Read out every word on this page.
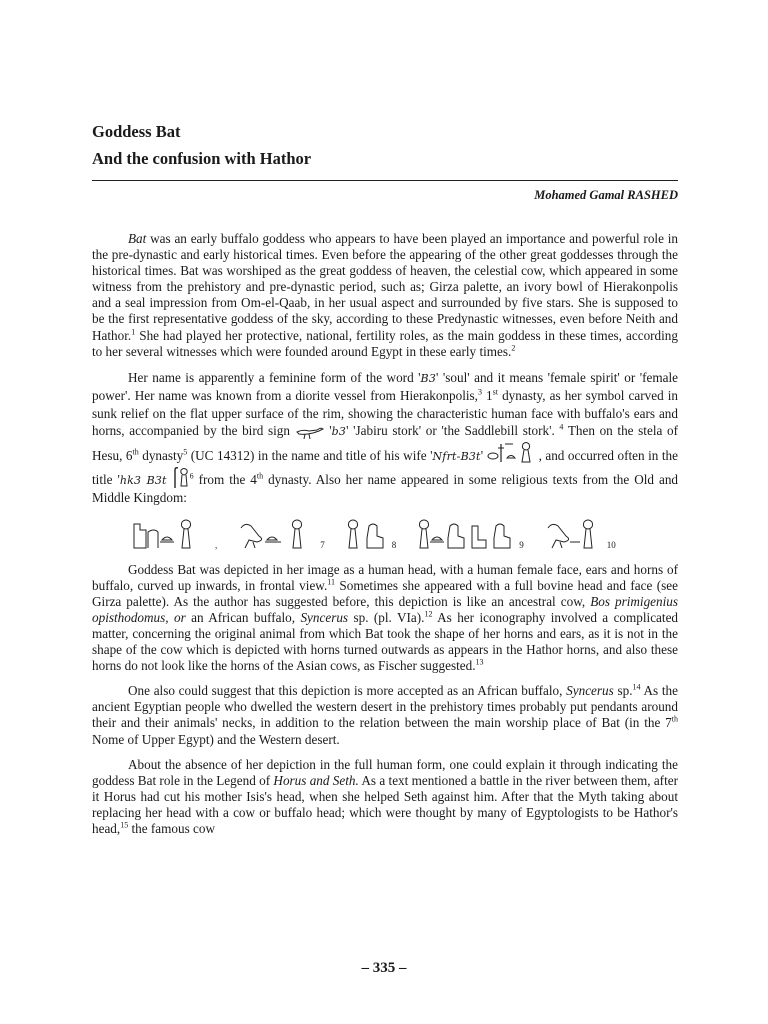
Goddess Bat
And the confusion with Hathor
Mohamed Gamal RASHED

Bat was an early buffalo goddess who appears to have been played an importance and powerful role in the pre-dynastic and early historical times. Even before the appearing of the other great goddesses through the historical times. Bat was worshiped as the great goddess of heaven, the celestial cow, which appeared in some witness from the prehistory and pre-dynastic period, such as; Girza palette, an ivory bowl of Hierakonpolis and a seal impression from Om-el-Qaab, in her usual aspect and surrounded by five stars. She is supposed to be the first representative goddess of the sky, according to these Predynastic witnesses, even before Neith and Hathor.$^1$ She had played her protective, national, fertility roles, as the main goddess in these times, according to her several witnesses which were founded around Egypt in these early times.$^2$

Her name is apparently a feminine form of the word 'B3' 'soul' and it means 'female spirit' or 'female power'. Her name was known from a diorite vessel from Hierakonpolis,$^3$ 1st dynasty, as her symbol carved in sunk relief on the flat upper surface of the rim, showing the characteristic human face with buffalo's ears and horns, accompanied by the bird sign
'b3' 'Jabiru stork' or 'the Saddlebill stork'. $^4$ Then on the stela of Hesu, 6th dynasty$^5$ (UC 14312) in the name and title of his wife 'Nfrt-B3t'	, and occurred often in the title 'hk3 B3t	$^6$ from the 4th dynasty. Also her name appeared in some religious texts from the Old and Middle Kingdom:

,	7	8	9	10

Goddess Bat was depicted in her image as a human head, with a human female face, ears and horns of buffalo, curved up inwards, in frontal view.$^{11}$ Sometimes she appeared with a full bovine head and face (see Girza palette). As the author has suggested before, this depiction is like an ancestral cow, Bos primigenius opisthodomus, or an African buffalo, Syncerus sp. (pl. VIa).$^{12}$ As her iconography involved a complicated matter, concerning the original animal from which Bat took the shape of her horns and ears, as it is not in the shape of the cow which is depicted with horns turned outwards as appears in the Hathor horns, and also these horns do not look like the horns of the Asian cows, as Fischer suggested.$^{13}$

One also could suggest that this depiction is more accepted as an African buffalo, Syncerus sp.$^{14}$ As the ancient Egyptian people who dwelled the western desert in the prehistory times probably put pendants around their and their animals' necks, in addition to the relation between the main worship place of Bat (in the 7th Nome of Upper Egypt) and the Western desert.

About the absence of her depiction in the full human form, one could explain it through indicating the goddess Bat role in the Legend of Horus and Seth. As a text mentioned a battle in the river between them, after it Horus had cut his mother Isis's head, when she helped Seth against him. After that the Myth taking about replacing her head with a cow or buffalo head; which were thought by many of Egyptologists to be Hathor's head,$^{15}$ the famous cow

– 335 –
